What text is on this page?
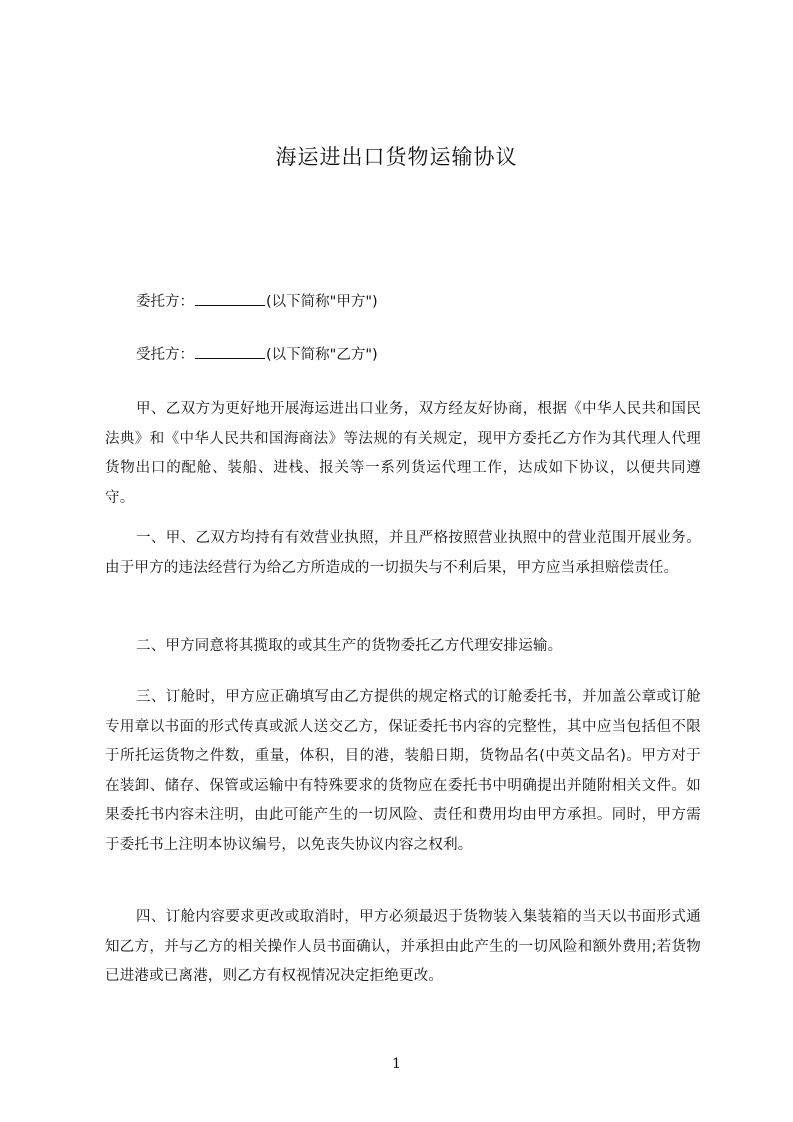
海运进出口货物运输协议
委托方：	(以下简称"甲方")
受托方：	(以下简称"乙方")
甲、乙双方为更好地开展海运进出口业务，双方经友好协商，根据《中华人民共和国民法典》和《中华人民共和国海商法》等法规的有关规定，现甲方委托乙方作为其代理人代理货物出口的配舱、装船、进栈、报关等一系列货运代理工作，达成如下协议，以便共同遵守。
一、甲、乙双方均持有有效营业执照，并且严格按照营业执照中的营业范围开展业务。由于甲方的违法经营行为给乙方所造成的一切损失与不利后果，甲方应当承担赔偿责任。
二、甲方同意将其揽取的或其生产的货物委托乙方代理安排运输。
三、订舱时，甲方应正确填写由乙方提供的规定格式的订舱委托书，并加盖公章或订舱专用章以书面的形式传真或派人送交乙方，保证委托书内容的完整性，其中应当包括但不限于所托运货物之件数，重量，体积，目的港，装船日期，货物品名(中英文品名)。甲方对于在装卸、储存、保管或运输中有特殊要求的货物应在委托书中明确提出并随附相关文件。如果委托书内容未注明，由此可能产生的一切风险、责任和费用均由甲方承担。同时，甲方需于委托书上注明本协议编号，以免丧失协议内容之权利。
四、订舱内容要求更改或取消时，甲方必须最迟于货物装入集装箱的当天以书面形式通知乙方，并与乙方的相关操作人员书面确认，并承担由此产生的一切风险和额外费用;若货物已进港或已离港，则乙方有权视情况决定拒绝更改。
1
